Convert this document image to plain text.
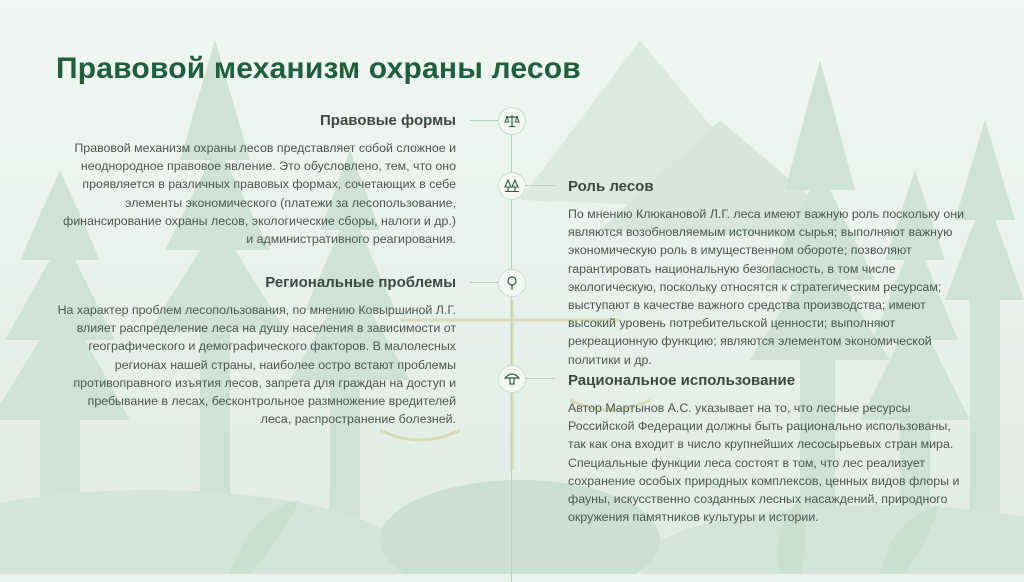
Правовой механизм охраны лесов
Правовые формы

Правовой механизм охраны лесов представляет собой сложное и неоднородное правовое явление. Это обусловлено, тем, что оно проявляется в различных правовых формах, сочетающих в себе элементы экономического (платежи за лесопользование, финансирование охраны лесов, экологические сборы, налоги и др.) и административного реагирования.

Региональные проблемы

На характер проблем лесопользования, по мнению Ковыршиной Л.Г. влияет распределение леса на душу населения в зависимости от географического и демографического факторов. В малолесных регионах нашей страны, наиболее остро встают проблемы противоправного изъятия лесов, запрета для граждан на доступ и пребывание в лесах, бесконтрольное размножение вредителей леса, распространение болезней.

Роль лесов

По мнению Клюкановой Л.Г. леса имеют важную роль поскольку они являются возобновляемым источником сырья; выполняют важную экономическую роль в имущественном обороте; позволяют гарантировать национальную безопасность, в том числе экологическую, поскольку относятся к стратегическим ресурсам; выступают в качестве важного средства производства; имеют высокий уровень потребительской ценности; выполняют рекреационную функцию; являются элементом экономической политики и др.

Рациональное использование

Автор Мартынов А.С. указывает на то, что лесные ресурсы Российской Федерации должны быть рационально использованы, так как она входит в число крупнейших лесосырьевых стран мира. Специальные функции леса состоят в том, что лес реализует сохранение особых природных комплексов, ценных видов флоры и фауны, искусственно созданных лесных насаждений, природного окружения памятников культуры и истории.
